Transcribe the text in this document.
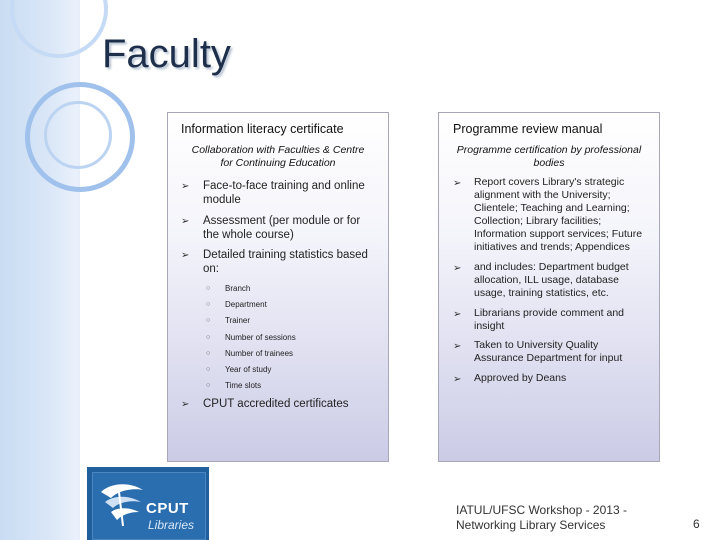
Faculty
Information literacy certificate
Collaboration with Faculties & Centre
for Continuing Education
➢ Face-to-face training and online
module
➢ Assessment (per module or for
the whole course)
➢ Detailed training statistics based
on:
○ Branch
○ Department
○ Trainer
○ Number of sessions
○ Number of trainees
○ Year of study
○ Time slots
➢ CPUT accredited certificates
Programme review manual
Programme certification by professional
bodies
➢ Report covers Library's strategic
alignment with the University;
Clientele; Teaching and Learning;
Collection; Library facilities;
Information support services; Future
initiatives and trends; Appendices
➢ and includes: Department budget
allocation, ILL usage, database
usage, training statistics, etc.
➢ Librarians provide comment and
insight
➢ Taken to University Quality
Assurance Department for input
➢ Approved by Deans
CPUT
Libraries
IATUL/UFSC Workshop - 2013 -
Networking Library Services	6
